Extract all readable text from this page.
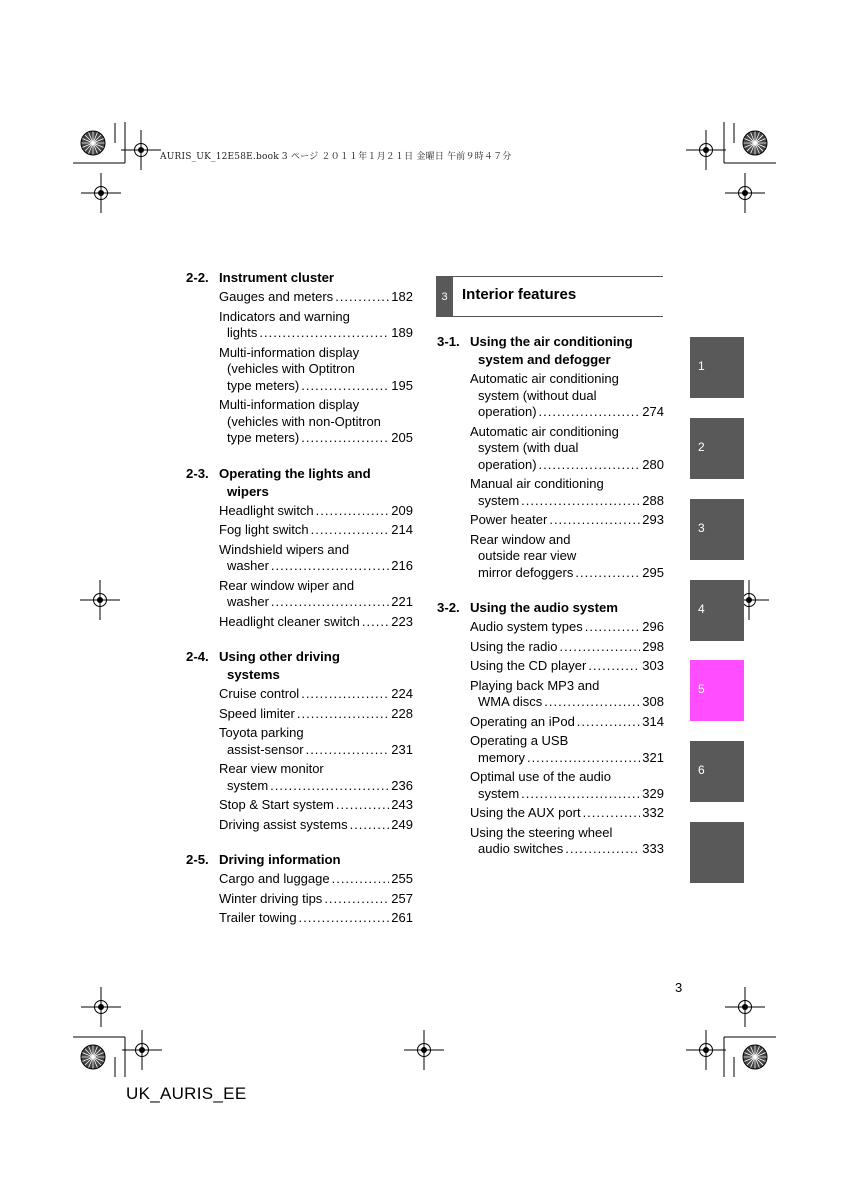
AURIS_UK_12E58E.book 3 ページ ２０１１年１月２１日 金曜日 午前９時４７分
2-2. Instrument cluster
Gauges and meters .....	182
Indicators and warning
lights .....	189
Multi-information display
(vehicles with Optitron
type meters) .....	195
Multi-information display
(vehicles with non-Optitron
type meters) .....	205
2-3. Operating the lights and
wipers
Headlight switch .....	209
Fog light switch .....	214
Windshield wipers and
washer .....	216
Rear window wiper and
washer .....	221
Headlight cleaner switch ..... 223
2-4. Using other driving
systems
Cruise control .....	224
Speed limiter .....	228
Toyota parking
assist-sensor .....	231
Rear view monitor
system .....	236
Stop & Start system .....	243
Driving assist systems .....	249
2-5. Driving information
Cargo and luggage .....	255
Winter driving tips .....	257
Trailer towing .....	261
3 Interior features
3-1. Using the air conditioning
system and defogger
Automatic air conditioning
system (without dual
operation) .....	274
Automatic air conditioning
system (with dual
operation) .....	280
Manual air conditioning
system .....	288
Power heater .....	293
Rear window and
outside rear view
mirror defoggers .....	295
3-2. Using the audio system
Audio system types .....	296
Using the radio .....	298
Using the CD player .....	303
Playing back MP3 and
WMA discs .....	308
Operating an iPod .....	314
Operating a USB
memory .....	321
Optimal use of the audio
system .....	329
Using the AUX port .....	332
Using the steering wheel
audio switches .....	333
1
2
3
4
5
6
3
UK_AURIS_EE
